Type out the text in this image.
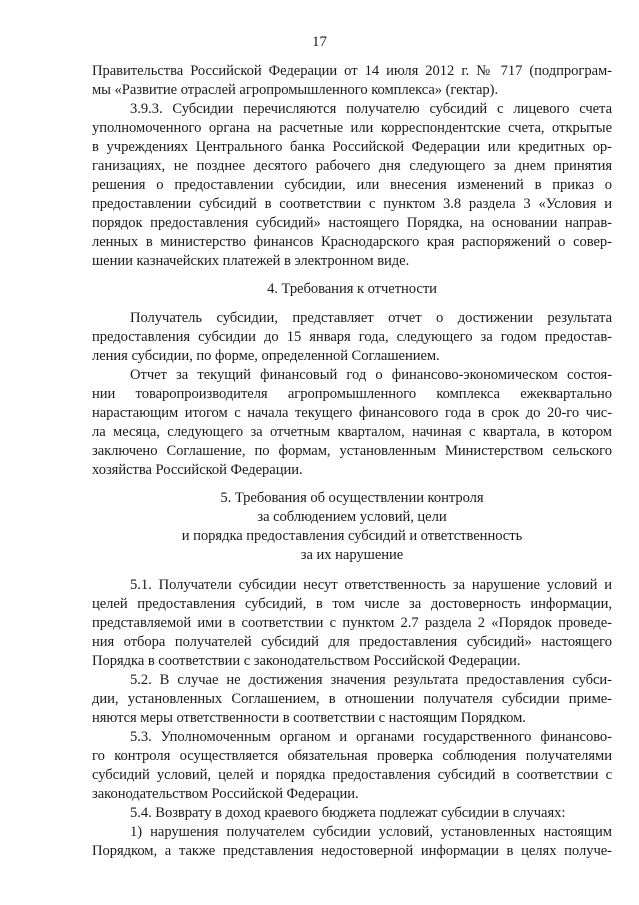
17
Правительства Российской Федерации от 14 июля 2012 г. № 717 (подпрограм-
мы «Развитие отраслей агропромышленного комплекса» (гектар).
3.9.3. Субсидии перечисляются получателю субсидий с лицевого счета
уполномоченного органа на расчетные или корреспондентские счета, открытые
в учреждениях Центрального банка Российской Федерации или кредитных ор-
ганизациях, не позднее десятого рабочего дня следующего за днем принятия
решения о предоставлении субсидии, или внесения изменений в приказ о
предоставлении субсидий в соответствии с пунктом 3.8 раздела 3 «Условия и
порядок предоставления субсидий» настоящего Порядка, на основании направ-
ленных в министерство финансов Краснодарского края распоряжений о совер-
шении казначейских платежей в электронном виде.
4. Требования к отчетности
Получатель субсидии, представляет отчет о достижении результата
предоставления субсидии до 15 января года, следующего за годом предостав-
ления субсидии, по форме, определенной Соглашением.
Отчет за текущий финансовый год о финансово-экономическом состоя-
нии товаропроизводителя агропромышленного комплекса ежеквартально
нарастающим итогом с начала текущего финансового года в срок до 20-го чис-
ла месяца, следующего за отчетным кварталом, начиная с квартала, в котором
заключено Соглашение, по формам, установленным Министерством сельского
хозяйства Российской Федерации.
5. Требования об осуществлении контроля
за соблюдением условий, цели
и порядка предоставления субсидий и ответственность
за их нарушение
5.1. Получатели субсидии несут ответственность за нарушение условий и
целей предоставления субсидий, в том числе за достоверность информации,
представляемой ими в соответствии с пунктом 2.7 раздела 2 «Порядок проведе-
ния отбора получателей субсидий для предоставления субсидий» настоящего
Порядка в соответствии с законодательством Российской Федерации.
5.2. В случае не достижения значения результата предоставления субси-
дии, установленных Соглашением, в отношении получателя субсидии приме-
няются меры ответственности в соответствии с настоящим Порядком.
5.3. Уполномоченным органом и органами государственного финансово-
го контроля осуществляется обязательная проверка соблюдения получателями
субсидий условий, целей и порядка предоставления субсидий в соответствии с
законодательством Российской Федерации.
5.4. Возврату в доход краевого бюджета подлежат субсидии в случаях:
1) нарушения получателем субсидии условий, установленных настоящим
Порядком, а также представления недостоверной информации в целях получе-
